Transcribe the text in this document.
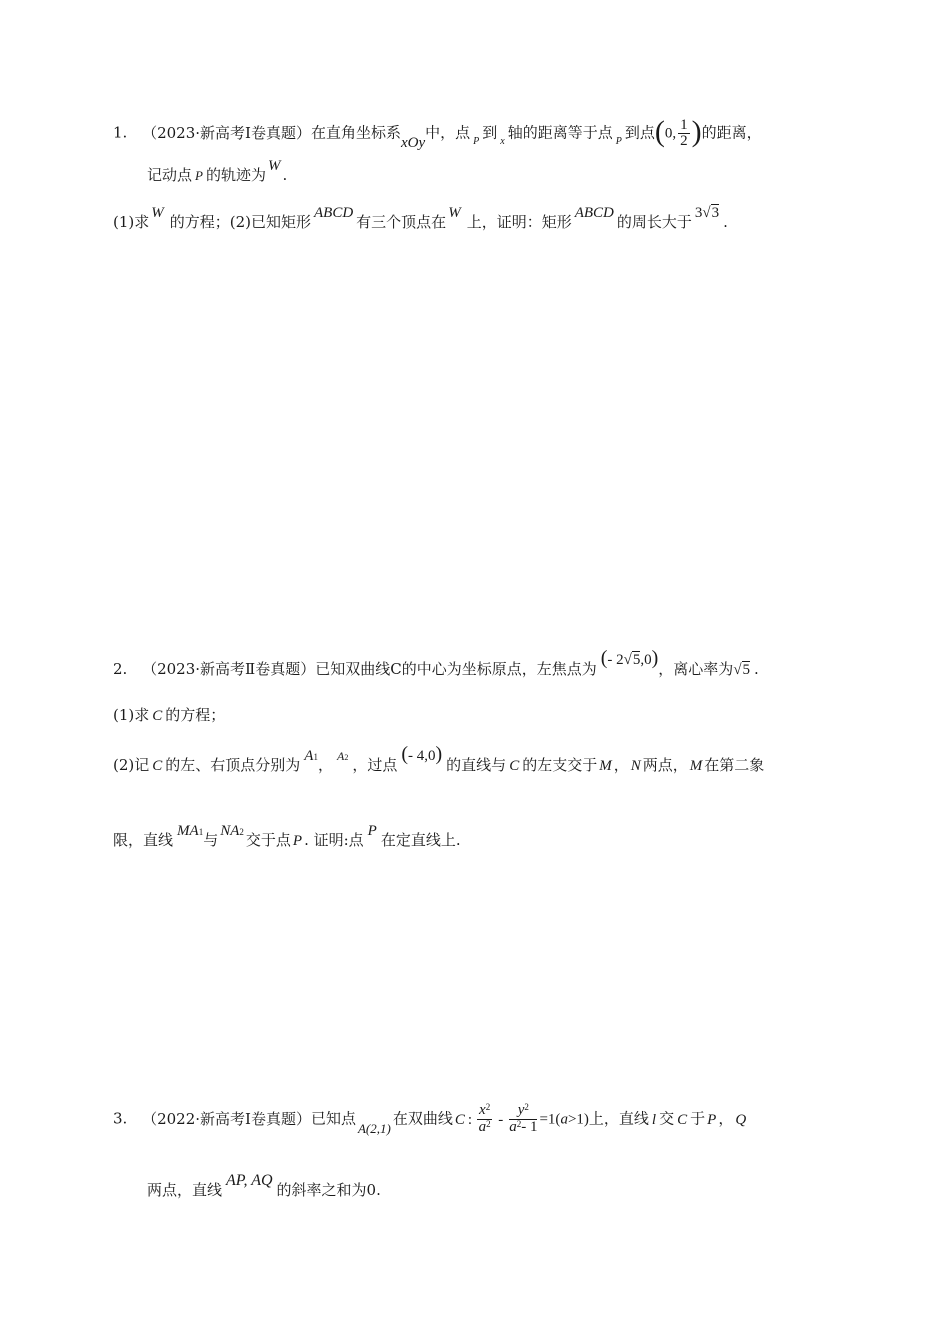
1. （2023·新高考Ⅰ卷真题）在直角坐标系xOy中，点 $_P$ 到 $_x$ 轴的距离等于点 $_P$ 到点(0, $\frac{1}{2}$ )的距离，
记动点 P 的轨迹为 W .
(1)求 W 的方程；(2)已知矩形 ABCD 有三个顶点在 W 上，证明：矩形 ABCD 的周长大于 3√3 .
2. （2023·新高考Ⅱ卷真题）已知双曲线C的中心为坐标原点，左焦点为 (- 2√5,0)，离心率为√5 .
(1)求 C 的方程；
(2)记 C 的左、右顶点分别为 A1， $^{A2}$ ，过点 (- 4,0) 的直线与 C 的左支交于 M ， N 两点， M 在第二象
限，直线 MA1与 NA2 交于点 P . 证明:点 P 在定直线上.
3. （2022·新高考Ⅰ卷真题）已知点A(2,1)在双曲线 C : $\frac{x^2}{a^2} - \frac{y^2}{a^2- 1} =1(a>1)$上，直线 l 交 C 于 P ， Q
两点，直线AP, AQ的斜率之和为0.
